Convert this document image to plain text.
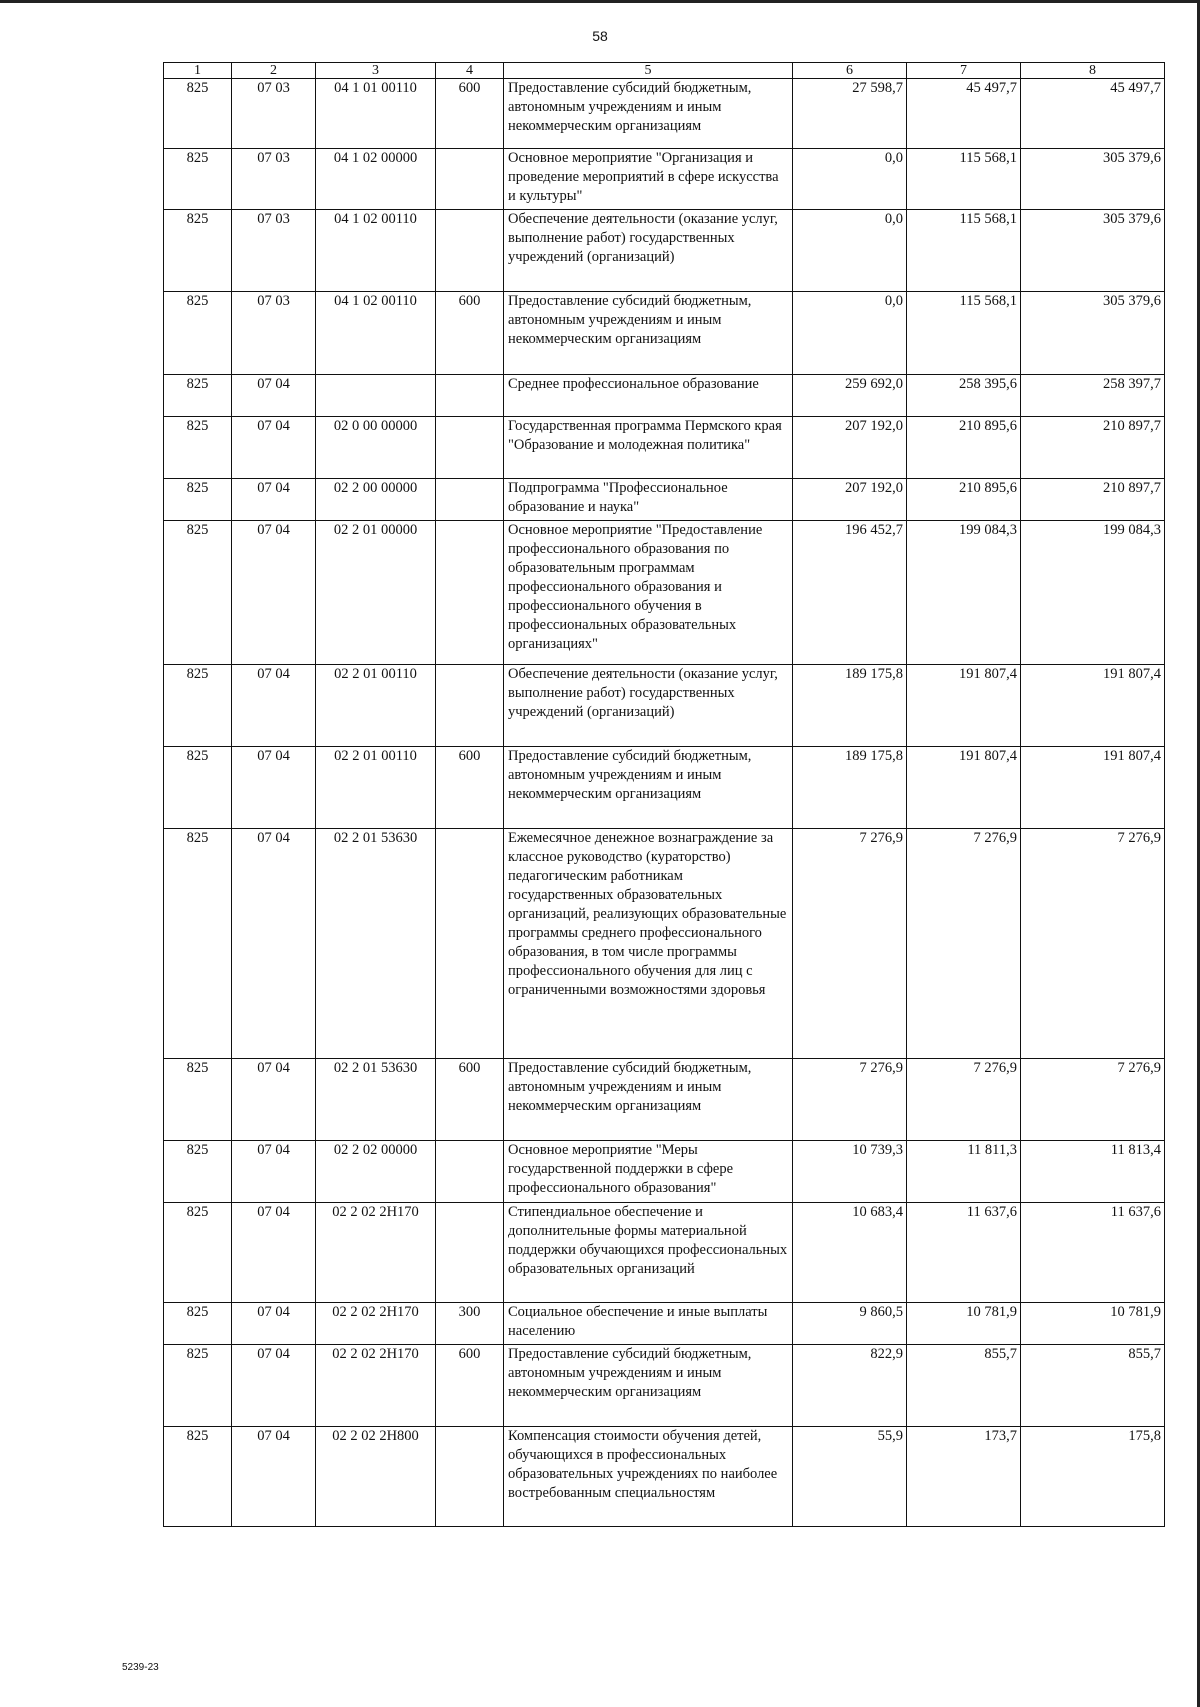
58
1	2	3	4	5	6	7	8
825	07 03	04 1 01 00110	600	Предоставление субсидий бюджетным, автономным учреждениям и иным некоммерческим организациям	27 598,7	45 497,7	45 497,7
825	07 03	04 1 02 00000		Основное мероприятие "Организация и проведение мероприятий в сфере искусства и культуры"	0,0	115 568,1	305 379,6
825	07 03	04 1 02 00110		Обеспечение деятельности (оказание услуг, выполнение работ) государственных учреждений (организаций)	0,0	115 568,1	305 379,6
825	07 03	04 1 02 00110	600	Предоставление субсидий бюджетным, автономным учреждениям и иным некоммерческим организациям	0,0	115 568,1	305 379,6
825	07 04			Среднее профессиональное образование	259 692,0	258 395,6	258 397,7
825	07 04	02 0 00 00000		Государственная программа Пермского края "Образование и молодежная политика"	207 192,0	210 895,6	210 897,7
825	07 04	02 2 00 00000		Подпрограмма "Профессиональное образование и наука"	207 192,0	210 895,6	210 897,7
825	07 04	02 2 01 00000		Основное мероприятие "Предоставление профессионального образования по образовательным программам профессионального образования и профессионального обучения в профессиональных образовательных организациях"	196 452,7	199 084,3	199 084,3
825	07 04	02 2 01 00110		Обеспечение деятельности (оказание услуг, выполнение работ) государственных учреждений (организаций)	189 175,8	191 807,4	191 807,4
825	07 04	02 2 01 00110	600	Предоставление субсидий бюджетным, автономным учреждениям и иным некоммерческим организациям	189 175,8	191 807,4	191 807,4
825	07 04	02 2 01 53630		Ежемесячное денежное вознаграждение за классное руководство (кураторство) педагогическим работникам государственных образовательных организаций, реализующих образовательные программы среднего профессионального образования, в том числе программы профессионального обучения для лиц с ограниченными возможностями здоровья	7 276,9	7 276,9	7 276,9
825	07 04	02 2 01 53630	600	Предоставление субсидий бюджетным, автономным учреждениям и иным некоммерческим организациям	7 276,9	7 276,9	7 276,9
825	07 04	02 2 02 00000		Основное мероприятие "Меры государственной поддержки в сфере профессионального образования"	10 739,3	11 811,3	11 813,4
825	07 04	02 2 02 2Н170		Стипендиальное обеспечение и дополнительные формы материальной поддержки обучающихся профессиональных образовательных организаций	10 683,4	11 637,6	11 637,6
825	07 04	02 2 02 2Н170	300	Социальное обеспечение и иные выплаты населению	9 860,5	10 781,9	10 781,9
825	07 04	02 2 02 2Н170	600	Предоставление субсидий бюджетным, автономным учреждениям и иным некоммерческим организациям	822,9	855,7	855,7
825	07 04	02 2 02 2Н800		Компенсация стоимости обучения детей, обучающихся в профессиональных образовательных учреждениях по наиболее востребованным специальностям	55,9	173,7	175,8
5239-23
